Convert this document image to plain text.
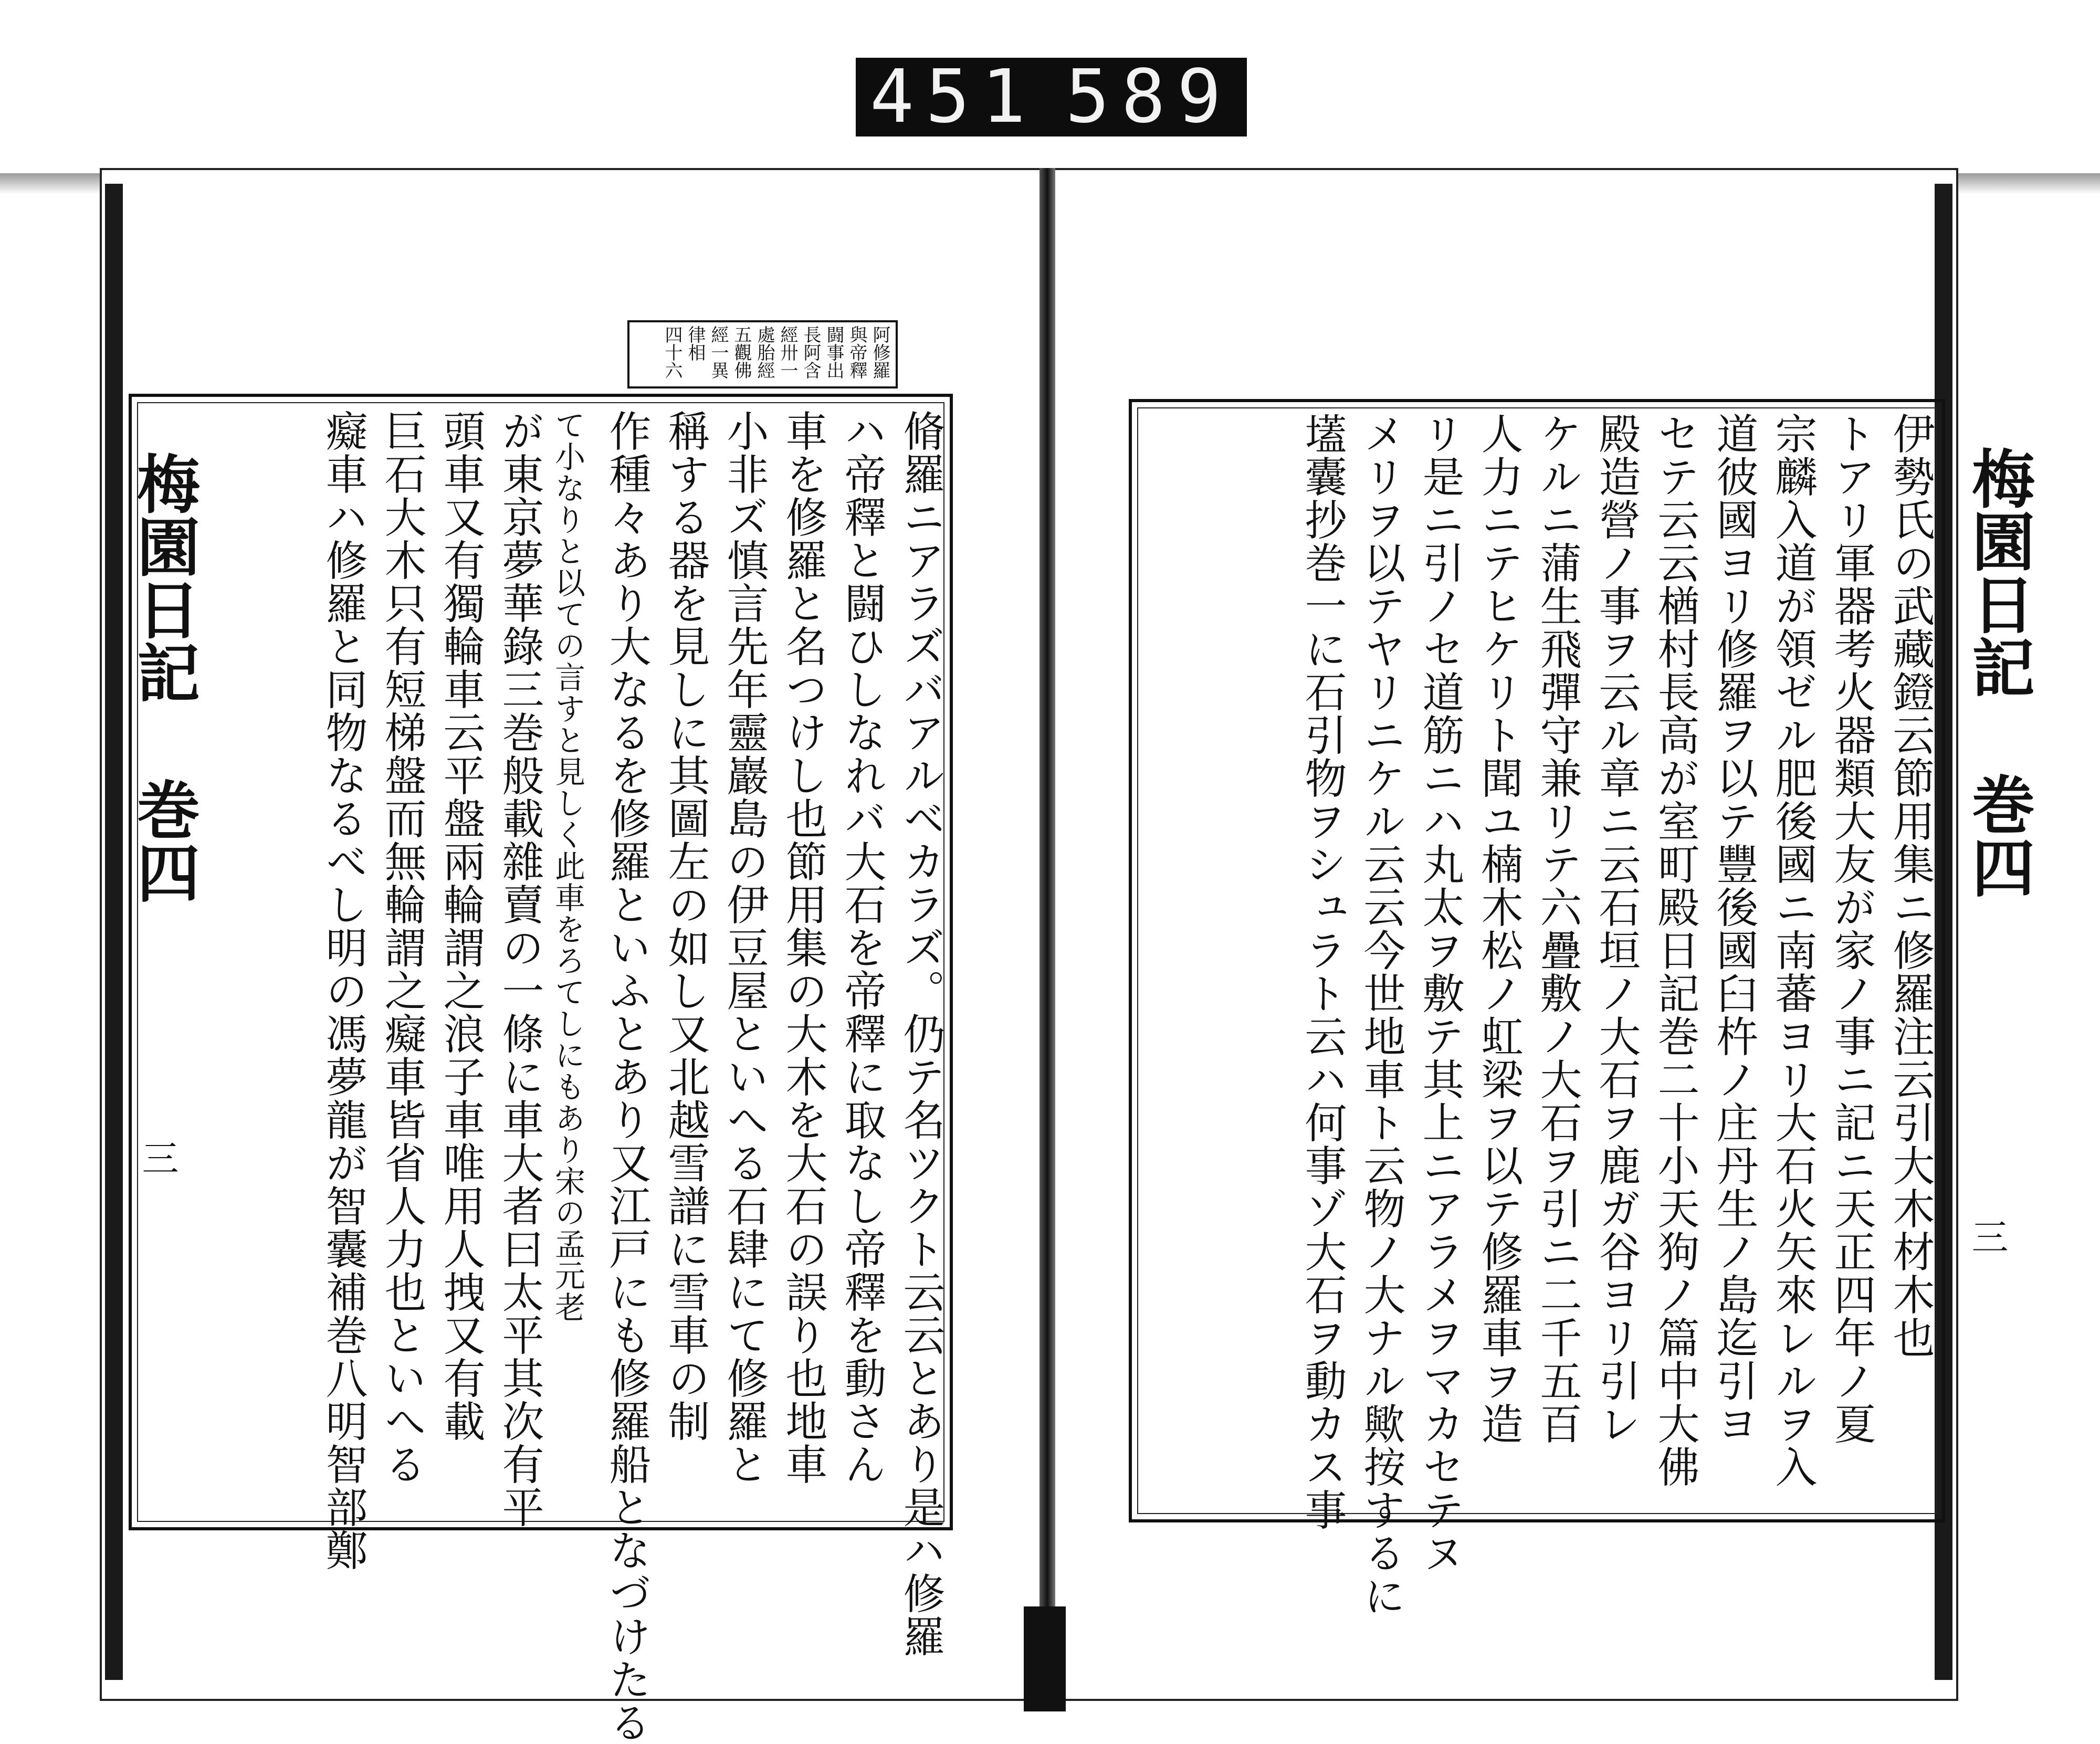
451 589
梅園日記 巻四	梅園日記 巻四
三
三
阿修羅
與帝釋
闘事出
長阿含
經卅一
處胎經
五觀佛
經一異
律相
四十六
脩羅ニアラズバアルベカラズ。仍テ名ツクト云云とあり是ハ修羅
ハ帝釋と闘ひしなれバ大石を帝釋に取なし帝釋を動さん
車を修羅と名つけし也節用集の大木を大石の誤り也地車
小非ズ慎言先年靈巖島の伊豆屋といへる石肆にて修羅と
稱する器を見しに其圖左の如し又北越雪譜に雪車の制
作種々あり大なるを修羅といふとあり又江戸にも修羅船となづけたる
て小なりと以ての言すと見しく此車をろてしにもあり宋の孟元老
が東京夢華錄三巻般載雜賣の一條に車大者曰太平其次有平
頭車又有獨輪車云平盤兩輪謂之浪子車唯用人拽又有載
巨石大木只有短梯盤而無輪謂之癡車皆省人力也といへる
癡車ハ修羅と同物なるべし明の馮夢龍が智囊補巻八明智部鄭	伊勢氏の武藏鐙云節用集ニ修羅注云引大木材木也
トアリ軍器考火器類大友が家ノ事ニ記ニ天正四年ノ夏
宗麟入道が領ゼル肥後國ニ南蕃ヨリ大石火矢來レルヲ入
道彼國ヨリ修羅ヲ以テ豐後國臼杵ノ庄丹生ノ島迄引ヨ
セテ云云楢村長高が室町殿日記巻二十小天狗ノ篇中大佛
殿造營ノ事ヲ云ル章ニ云石垣ノ大石ヲ鹿ガ谷ヨリ引レ
ケルニ蒲生飛彈守兼リテ六疊敷ノ大石ヲ引ニ二千五百
人力ニテヒケリト聞ユ楠木松ノ虹梁ヲ以テ修羅車ヲ造
リ是ニ引ノセ道筋ニハ丸太ヲ敷テ其上ニアラメヲマカセテヌ
メリヲ以テヤリニケル云云今世地車ト云物ノ大ナル歟按するに
壒囊抄巻一に石引物ヲシュラト云ハ何事ゾ大石ヲ動カス事
